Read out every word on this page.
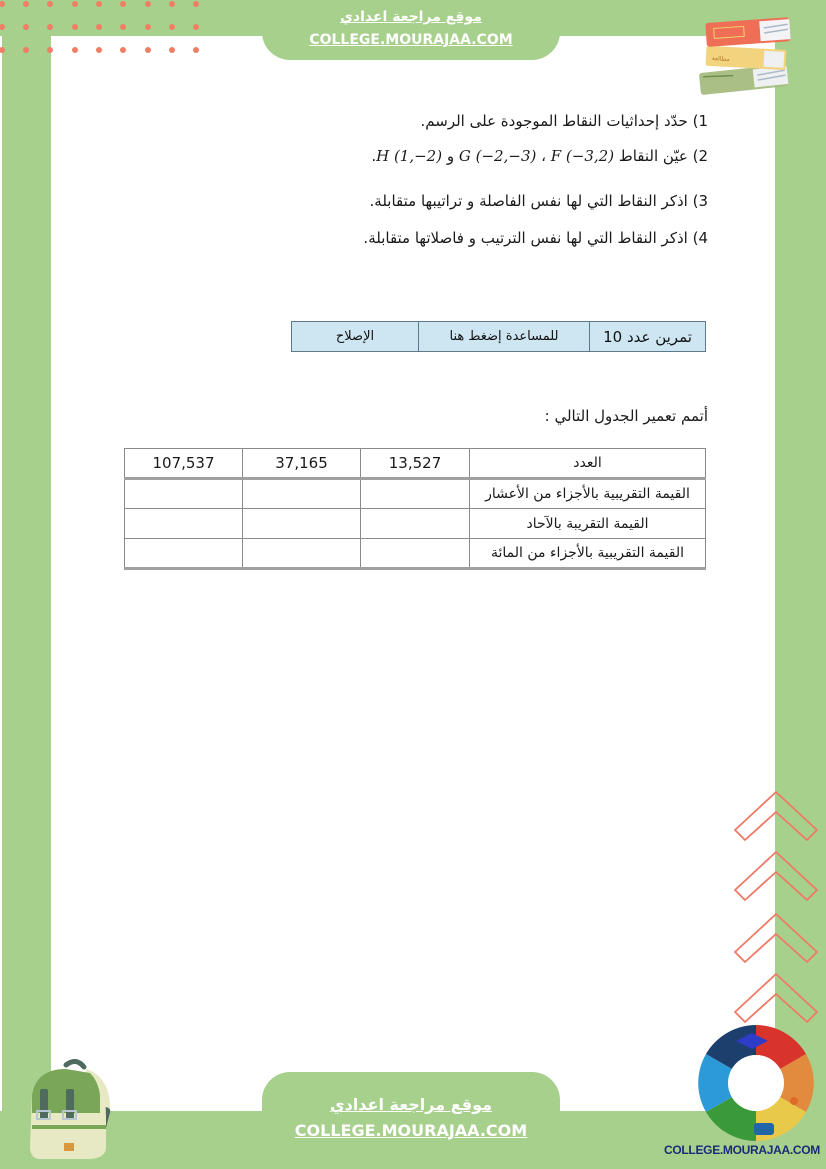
موقع مراجعة اعدادي
COLLEGE.MOURAJAA.COM
ﻣﻄﺎﻟﻌﺔ
1) حدّد إحداثيات النقاط الموجودة على الرسم.
2) عيّن النقاط F (−3,2) ، G (−2,−3) و H (1,−2).
3) اذكر النقاط التي لها نفس الفاصلة و تراتيبها متقابلة.
4) اذكر النقاط التي لها نفس الترتيب و فاصلاتها متقابلة.
تمرين عدد 10
للمساعدة إضغط هنا
الإصلاح
أتمم تعمير الجدول التالي :
العدد	13,527	37,165	107,537
القيمة التقريبية بالأجزاء من الأعشار			
القيمة التقريبة بالآحاد			
القيمة التقريبية بالأجزاء من المائة			
موقع مراجعة اعدادي
COLLEGE.MOURAJAA.COM
COLLEGE.MOURAJAA.COM
